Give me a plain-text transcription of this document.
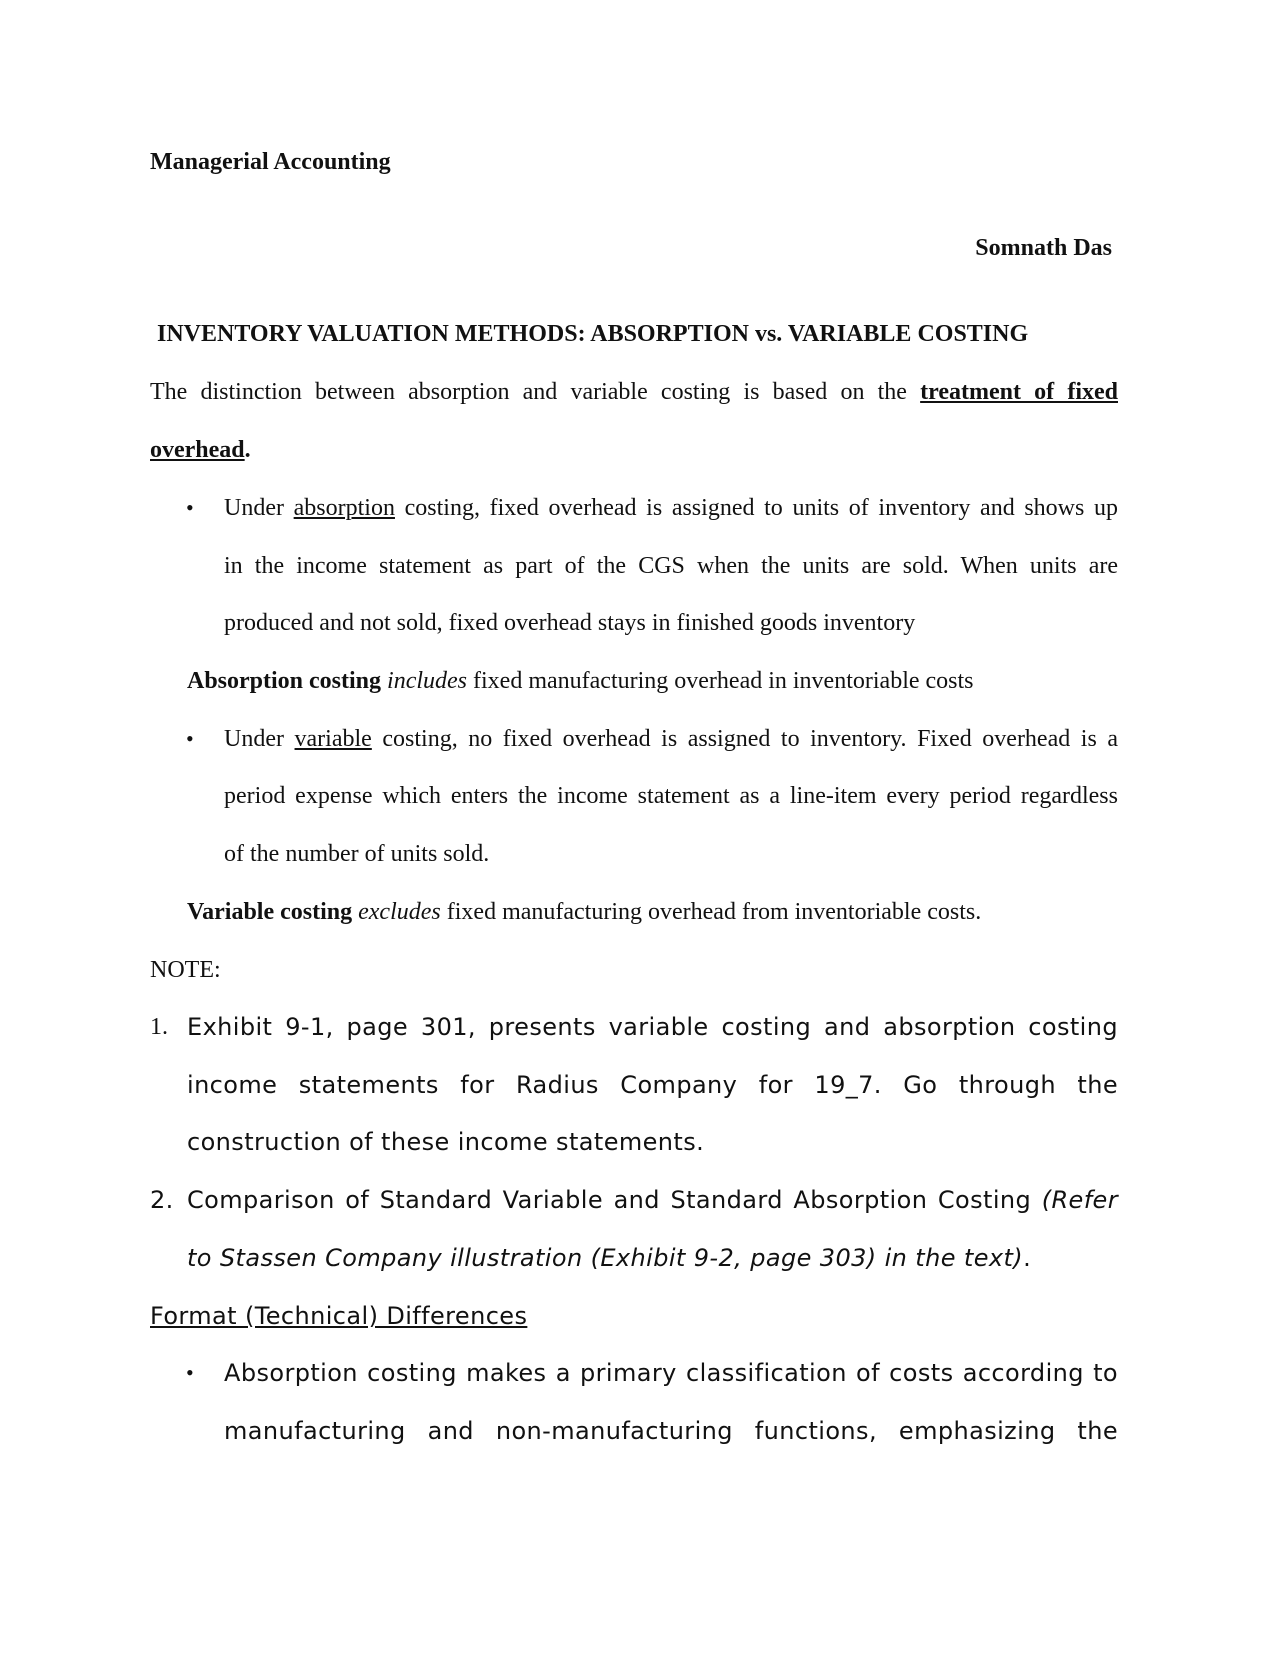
Managerial Accounting

Somnath Das

INVENTORY VALUATION METHODS: ABSORPTION vs. VARIABLE COSTING

The distinction between absorption and variable costing is based on the treatment of fixed

overhead.

• Under absorption costing, fixed overhead is assigned to units of inventory and shows up

in the income statement as part of the CGS when the units are sold. When units are

produced and not sold, fixed overhead stays in finished goods inventory

Absorption costing includes fixed manufacturing overhead in inventoriable costs

• Under variable costing, no fixed overhead is assigned to inventory. Fixed overhead is a

period expense which enters the income statement as a line-item every period regardless

of the number of units sold.

Variable costing excludes fixed manufacturing overhead from inventoriable costs.

NOTE:

1. Exhibit 9-1, page 301, presents variable costing and absorption costing

income statements for Radius Company for 19_7. Go through the

construction of these income statements.

2. Comparison of Standard Variable and Standard Absorption Costing (Refer

to Stassen Company illustration (Exhibit 9-2, page 303) in the text).

Format (Technical) Differences

• Absorption costing makes a primary classification of costs according to

manufacturing and non-manufacturing functions, emphasizing the
